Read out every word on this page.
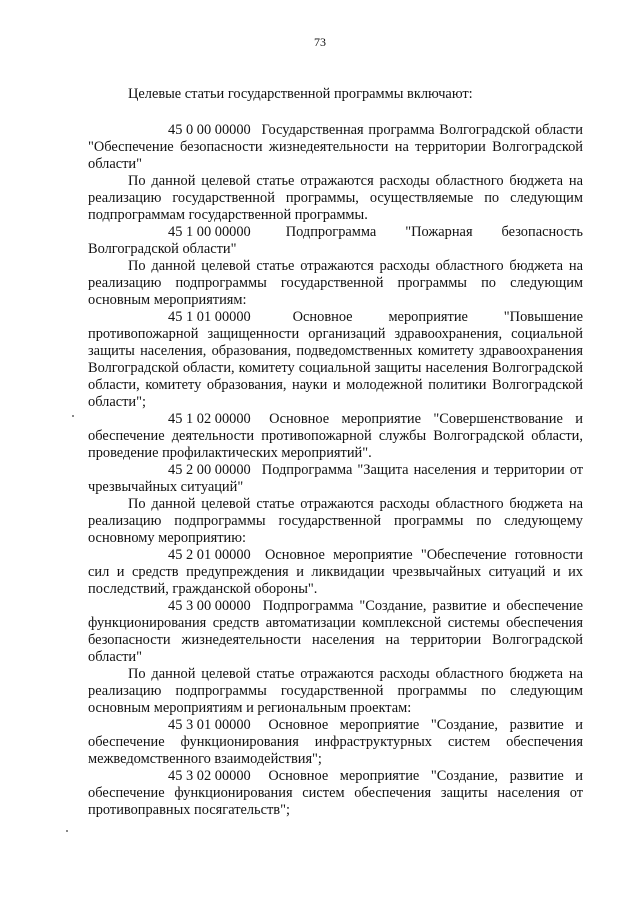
73

Целевые статьи государственной программы включают:

45 0 00 00000 Государственная программа Волгоградской области "Обеспечение безопасности жизнедеятельности на территории Волгоградской области"

По данной целевой статье отражаются расходы областного бюджета на реализацию государственной программы, осуществляемые по следующим подпрограммам государственной программы.

45 1 00 00000 Подпрограмма "Пожарная безопасность Волгоградской области"

По данной целевой статье отражаются расходы областного бюджета на реализацию подпрограммы государственной программы по следующим основным мероприятиям:

45 1 01 00000	Основное мероприятие "Повышение противопожарной защищенности организаций здравоохранения, социальной защиты населения, образования, подведомственных комитету здравоохранения Волгоградской области, комитету социальной защиты населения Волгоградской области, комитету образования, науки и молодежной политики Волгоградской области";

45 1 02 00000 Основное мероприятие "Совершенствование и обеспечение деятельности противопожарной службы Волгоградской области, проведение профилактических мероприятий".

45 2 00 00000 Подпрограмма "Защита населения и территории от чрезвычайных ситуаций"

По данной целевой статье отражаются расходы областного бюджета на реализацию подпрограммы государственной программы по следующему основному мероприятию:

45 2 01 00000 Основное мероприятие "Обеспечение готовности сил и средств предупреждения и ликвидации чрезвычайных ситуаций и их последствий, гражданской обороны".

45 3 00 00000 Подпрограмма "Создание, развитие и обеспечение функционирования средств автоматизации комплексной системы обеспечения безопасности жизнедеятельности населения на территории Волгоградской области"

По данной целевой статье отражаются расходы областного бюджета на реализацию подпрограммы государственной программы по следующим основным мероприятиям и региональным проектам:

45 3 01 00000 Основное мероприятие "Создание, развитие и обеспечение функционирования инфраструктурных систем обеспечения межведомственного взаимодействия";

45 3 02 00000 Основное мероприятие "Создание, развитие и обеспечение функционирования систем обеспечения защиты населения от противоправных посягательств";
